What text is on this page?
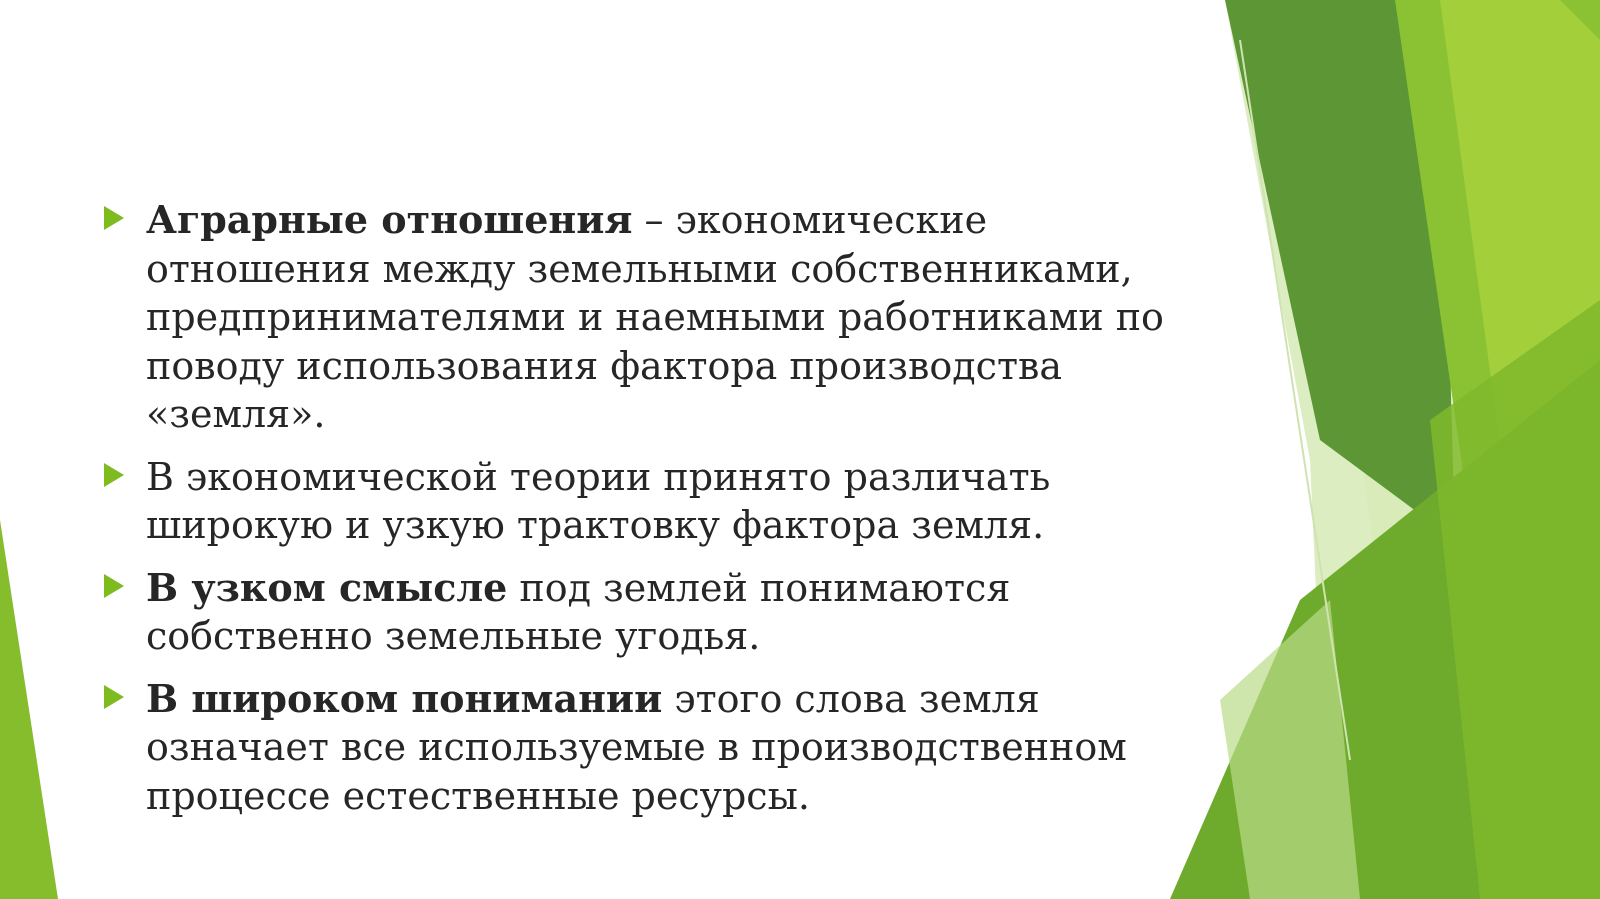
Аграрные отношения – экономические отношения между земельными собственниками, предпринимателями и наемными работниками по поводу использования фактора производства «земля».
В экономической теории принято различать широкую и узкую трактовку фактора земля.
В узком смысле под землей понимаются собственно земельные угодья.
В широком понимании этого слова земля означает все используемые в производственном процессе естественные ресурсы.
